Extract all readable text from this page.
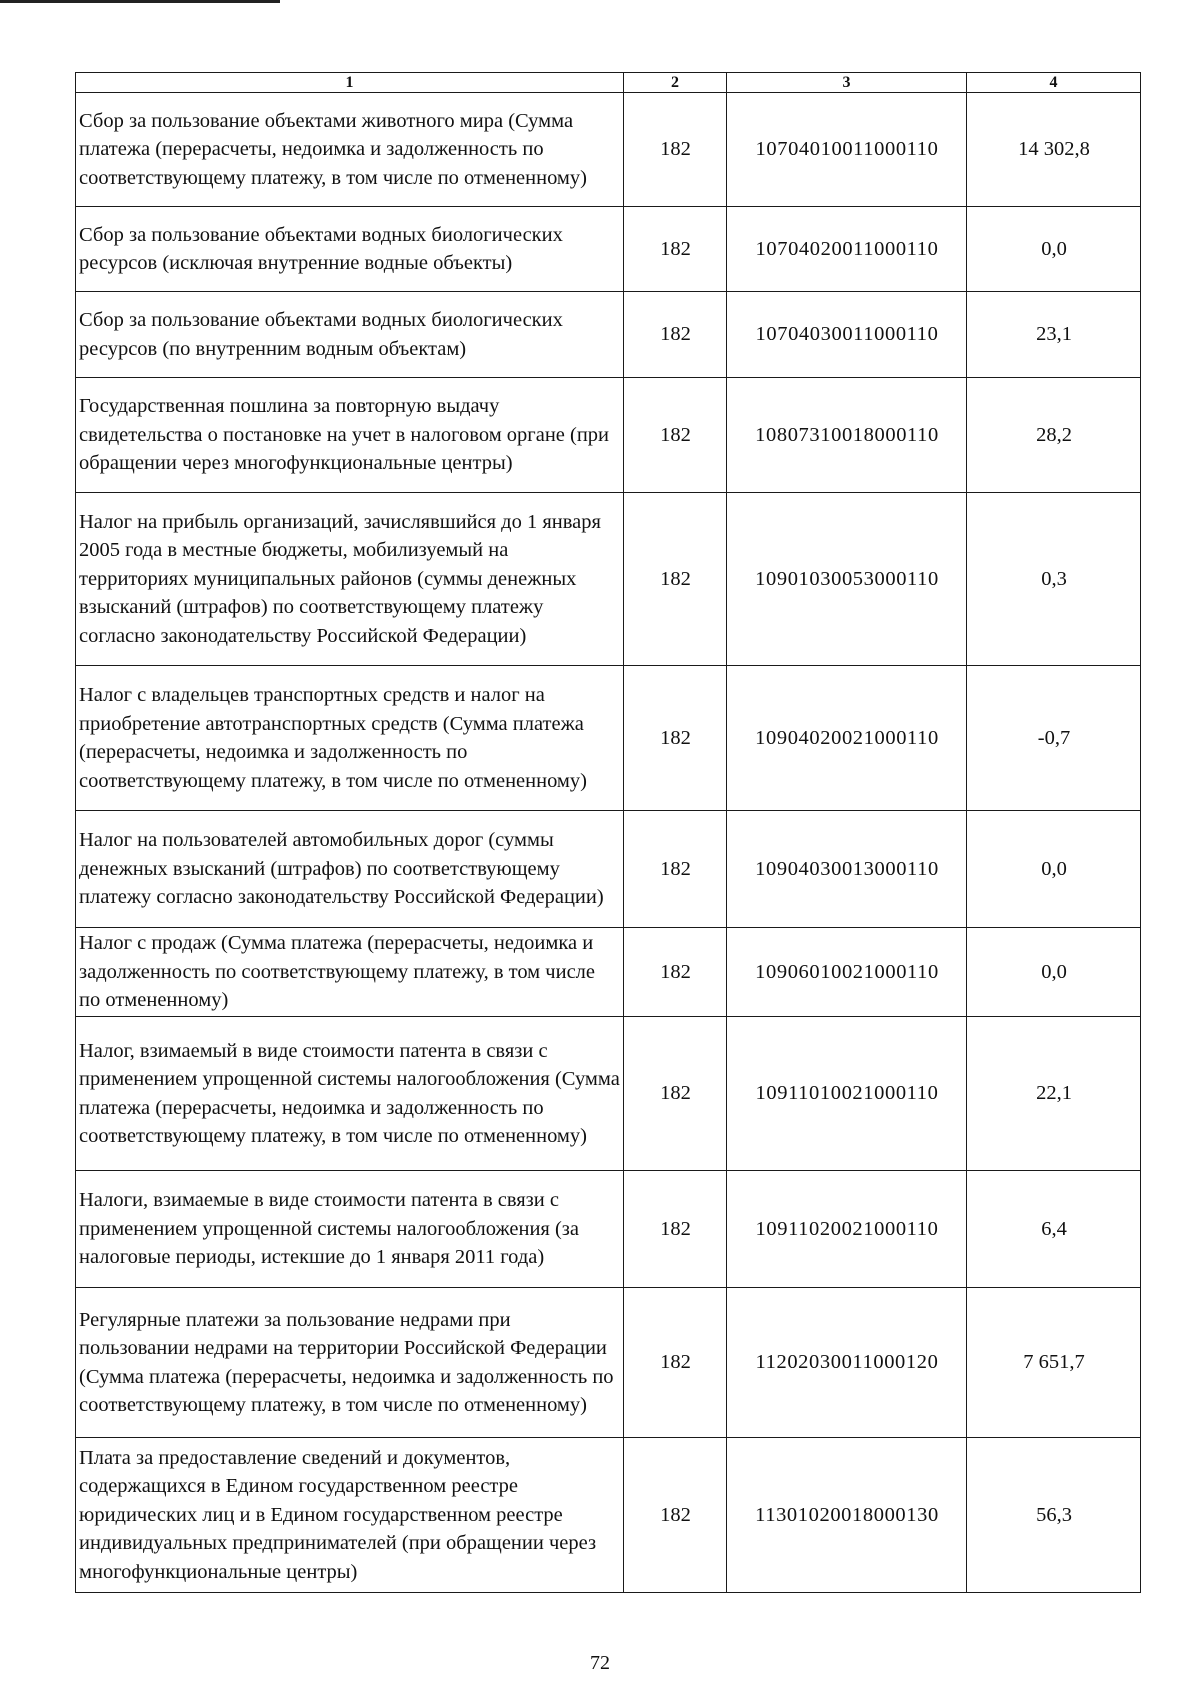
1	2	3	4
Сбор за пользование объектами животного мира (Сумма платежа (перерасчеты, недоимка и задолженность по соответствующему платежу, в том числе по отмененному)	182	10704010011000110	14 302,8
Сбор за пользование объектами водных биологических ресурсов (исключая внутренние водные объекты)	182	10704020011000110	0,0
Сбор за пользование объектами водных биологических ресурсов (по внутренним водным объектам)	182	10704030011000110	23,1
Государственная пошлина за повторную выдачу свидетельства о постановке на учет в налоговом органе (при обращении через многофункциональные центры)	182	10807310018000110	28,2
Налог на прибыль организаций, зачислявшийся до 1 января 2005 года в местные бюджеты, мобилизуемый на территориях муниципальных районов (суммы денежных взысканий (штрафов) по соответствующему платежу согласно законодательству Российской Федерации)	182	10901030053000110	0,3
Налог с владельцев транспортных средств и налог на приобретение автотранспортных средств (Сумма платежа (перерасчеты, недоимка и задолженность по соответствующему платежу, в том числе по отмененному)	182	10904020021000110	-0,7
Налог на пользователей автомобильных дорог (суммы денежных взысканий (штрафов) по соответствующему платежу согласно законодательству Российской Федерации)	182	10904030013000110	0,0
Налог с продаж (Сумма платежа (перерасчеты, недоимка и задолженность по соответствующему платежу, в том числе по отмененному)	182	10906010021000110	0,0
Налог, взимаемый в виде стоимости патента в связи с применением упрощенной системы налогообложения (Сумма платежа (перерасчеты, недоимка и задолженность по соответствующему платежу, в том числе по отмененному)	182	10911010021000110	22,1
Налоги, взимаемые в виде стоимости патента в связи с применением упрощенной системы налогообложения (за налоговые периоды, истекшие до 1 января 2011 года)	182	10911020021000110	6,4
Регулярные платежи за пользование недрами при пользовании недрами на территории Российской Федерации (Сумма платежа (перерасчеты, недоимка и задолженность по соответствующему платежу, в том числе по отмененному)	182	11202030011000120	7 651,7
Плата за предоставление сведений и документов, содержащихся в Едином государственном реестре юридических лиц и в Едином государственном реестре индивидуальных предпринимателей (при обращении через многофункциональные центры)	182	11301020018000130	56,3
72
